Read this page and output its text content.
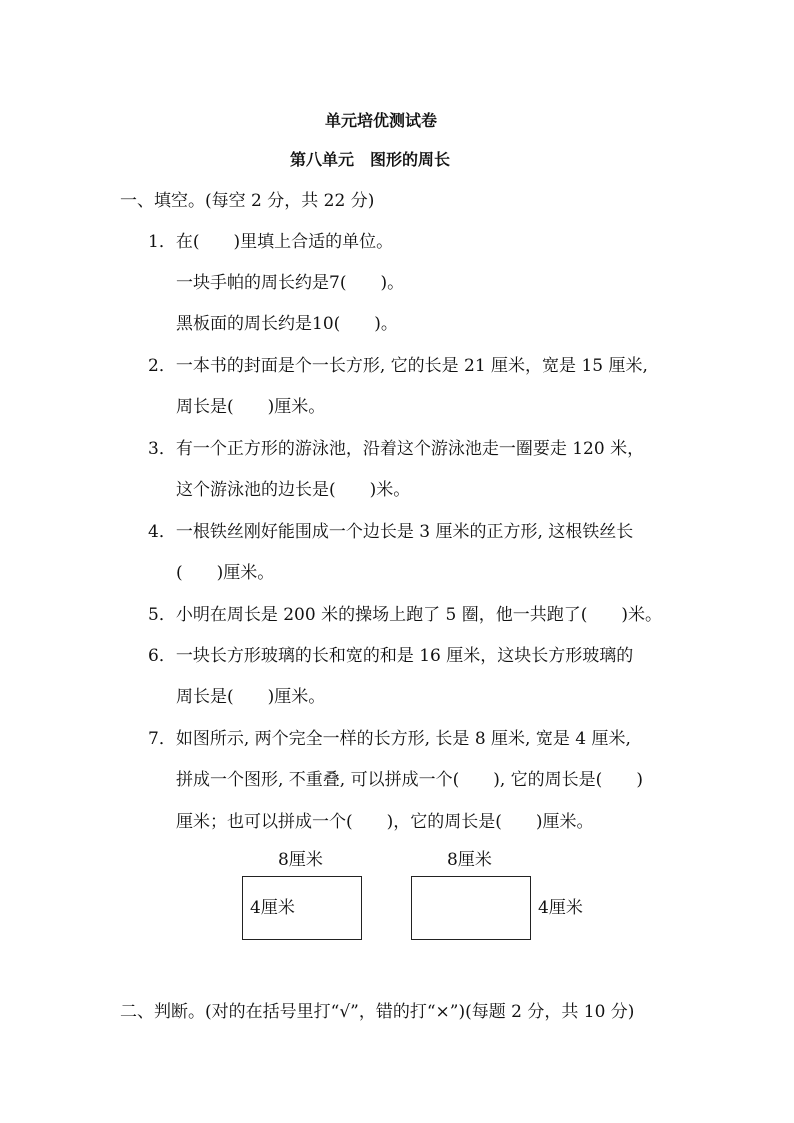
单元培优测试卷
第八单元　图形的周长
一、填空。(每空 2 分，共 22 分)
1．在(　　)里填上合适的单位。
一块手帕的周长约是7(　　)。
黑板面的周长约是10(　　)。
2．一本书的封面是个一长方形, 它的长是 21 厘米，宽是 15 厘米,
周长是(　　)厘米。
3．有一个正方形的游泳池，沿着这个游泳池走一圈要走 120 米，
这个游泳池的边长是(　　)米。
4．一根铁丝刚好能围成一个边长是 3 厘米的正方形, 这根铁丝长
(　　)厘米。
5．小明在周长是 200 米的操场上跑了 5 圈，他一共跑了(　　)米。
6．一块长方形玻璃的长和宽的和是 16 厘米，这块长方形玻璃的
周长是(　　)厘米。
7．如图所示, 两个完全一样的长方形, 长是 8 厘米, 宽是 4 厘米,
拼成一个图形, 不重叠, 可以拼成一个(　　), 它的周长是(　　)
厘米；也可以拼成一个(　　)，它的周长是(　　)厘米。
8厘米
4厘米
8厘米
4厘米
二、判断。(对的在括号里打“√”，错的打“×”)(每题 2 分，共 10 分)
